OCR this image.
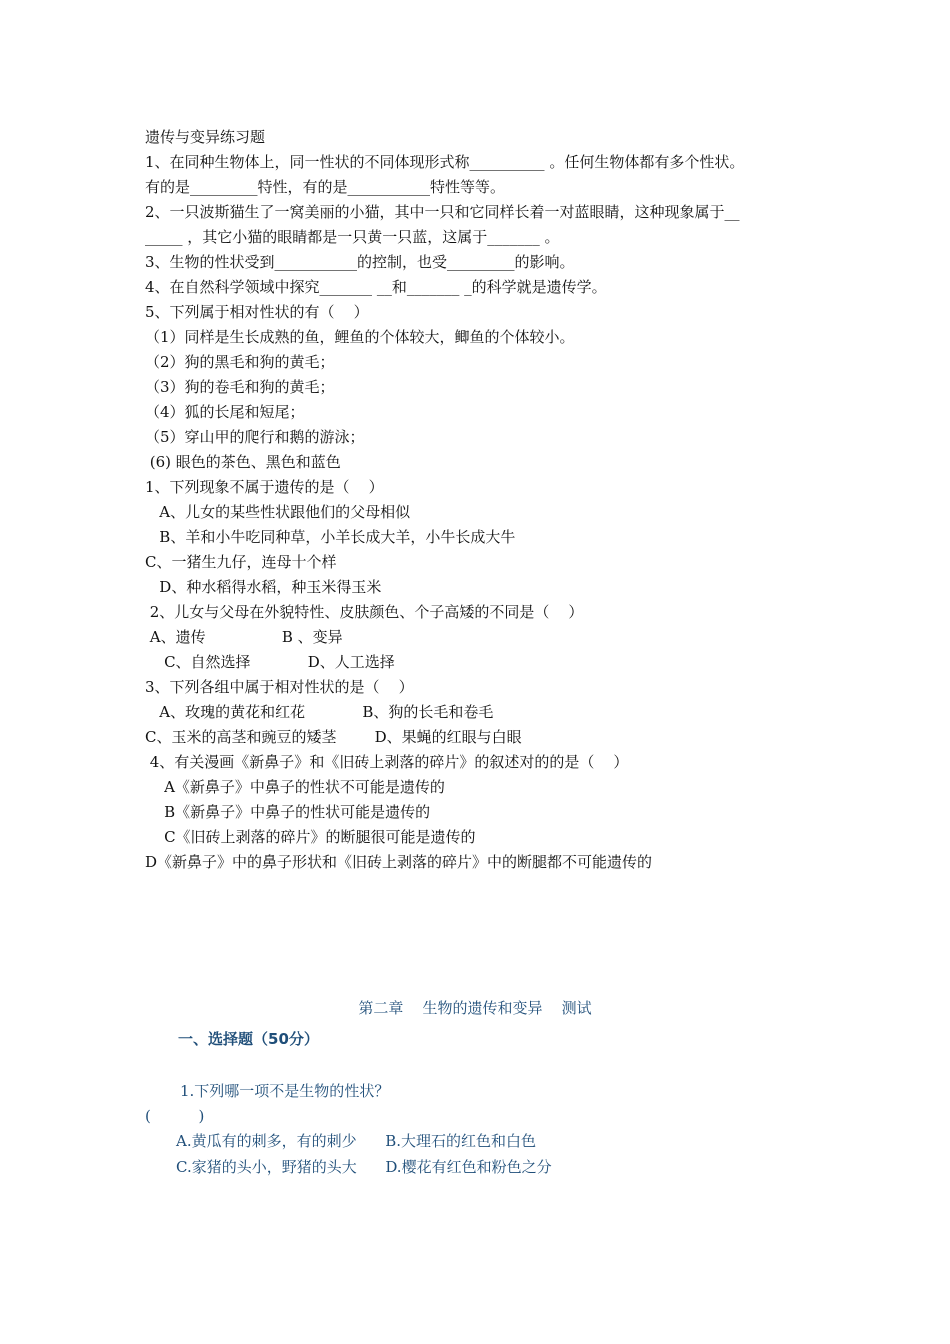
遗传与变异练习题
1、在同种生物体上，同一性状的不同体现形式称__________ 。任何生物体都有多个性状。
有的是_________特性，有的是___________特性等等。
2、一只波斯猫生了一窝美丽的小猫，其中一只和它同样长着一对蓝眼睛，这种现象属于__
_____ ，其它小猫的眼睛都是一只黄一只蓝，这属于_______ 。
3、生物的性状受到___________的控制，也受_________的影响。
4、在自然科学领域中探究_______ __和_______ _的科学就是遗传学。
5、下列属于相对性状的有（    ）
（1）同样是生长成熟的鱼，鲤鱼的个体较大，鲫鱼的个体较小。
（2）狗的黑毛和狗的黄毛；
（3）狗的卷毛和狗的黄毛；
（4）狐的长尾和短尾；
（5）穿山甲的爬行和鹅的游泳；
(6) 眼色的茶色、黑色和蓝色
1、下列现象不属于遗传的是（    ）
A、儿女的某些性状跟他们的父母相似
B、羊和小牛吃同种草，小羊长成大羊，小牛长成大牛
C、一猪生九仔，连母十个样
D、种水稻得水稻，种玉米得玉米
2、儿女与父母在外貌特性、皮肤颜色、个子高矮的不同是（    ）
A、遗传                B 、变异
C、自然选择            D、人工选择
3、下列各组中属于相对性状的是（    ）
A、玫瑰的黄花和红花            B、狗的长毛和卷毛
C、玉米的高茎和豌豆的矮茎        D、果蝇的红眼与白眼
4、有关漫画《新鼻子》和《旧砖上剥落的碎片》的叙述对的的是（    ）
A《新鼻子》中鼻子的性状不可能是遗传的
B《新鼻子》中鼻子的性状可能是遗传的
C《旧砖上剥落的碎片》的断腿很可能是遗传的
D《新鼻子》中的鼻子形状和《旧砖上剥落的碎片》中的断腿都不可能遗传的
第二章    生物的遗传和变异    测试
一、选择题（50分）
1.下列哪一项不是生物的性状？
(          )
A.黄瓜有的刺多，有的刺少      B.大理石的红色和白色
C.家猪的头小，野猪的头大      D.樱花有红色和粉色之分
